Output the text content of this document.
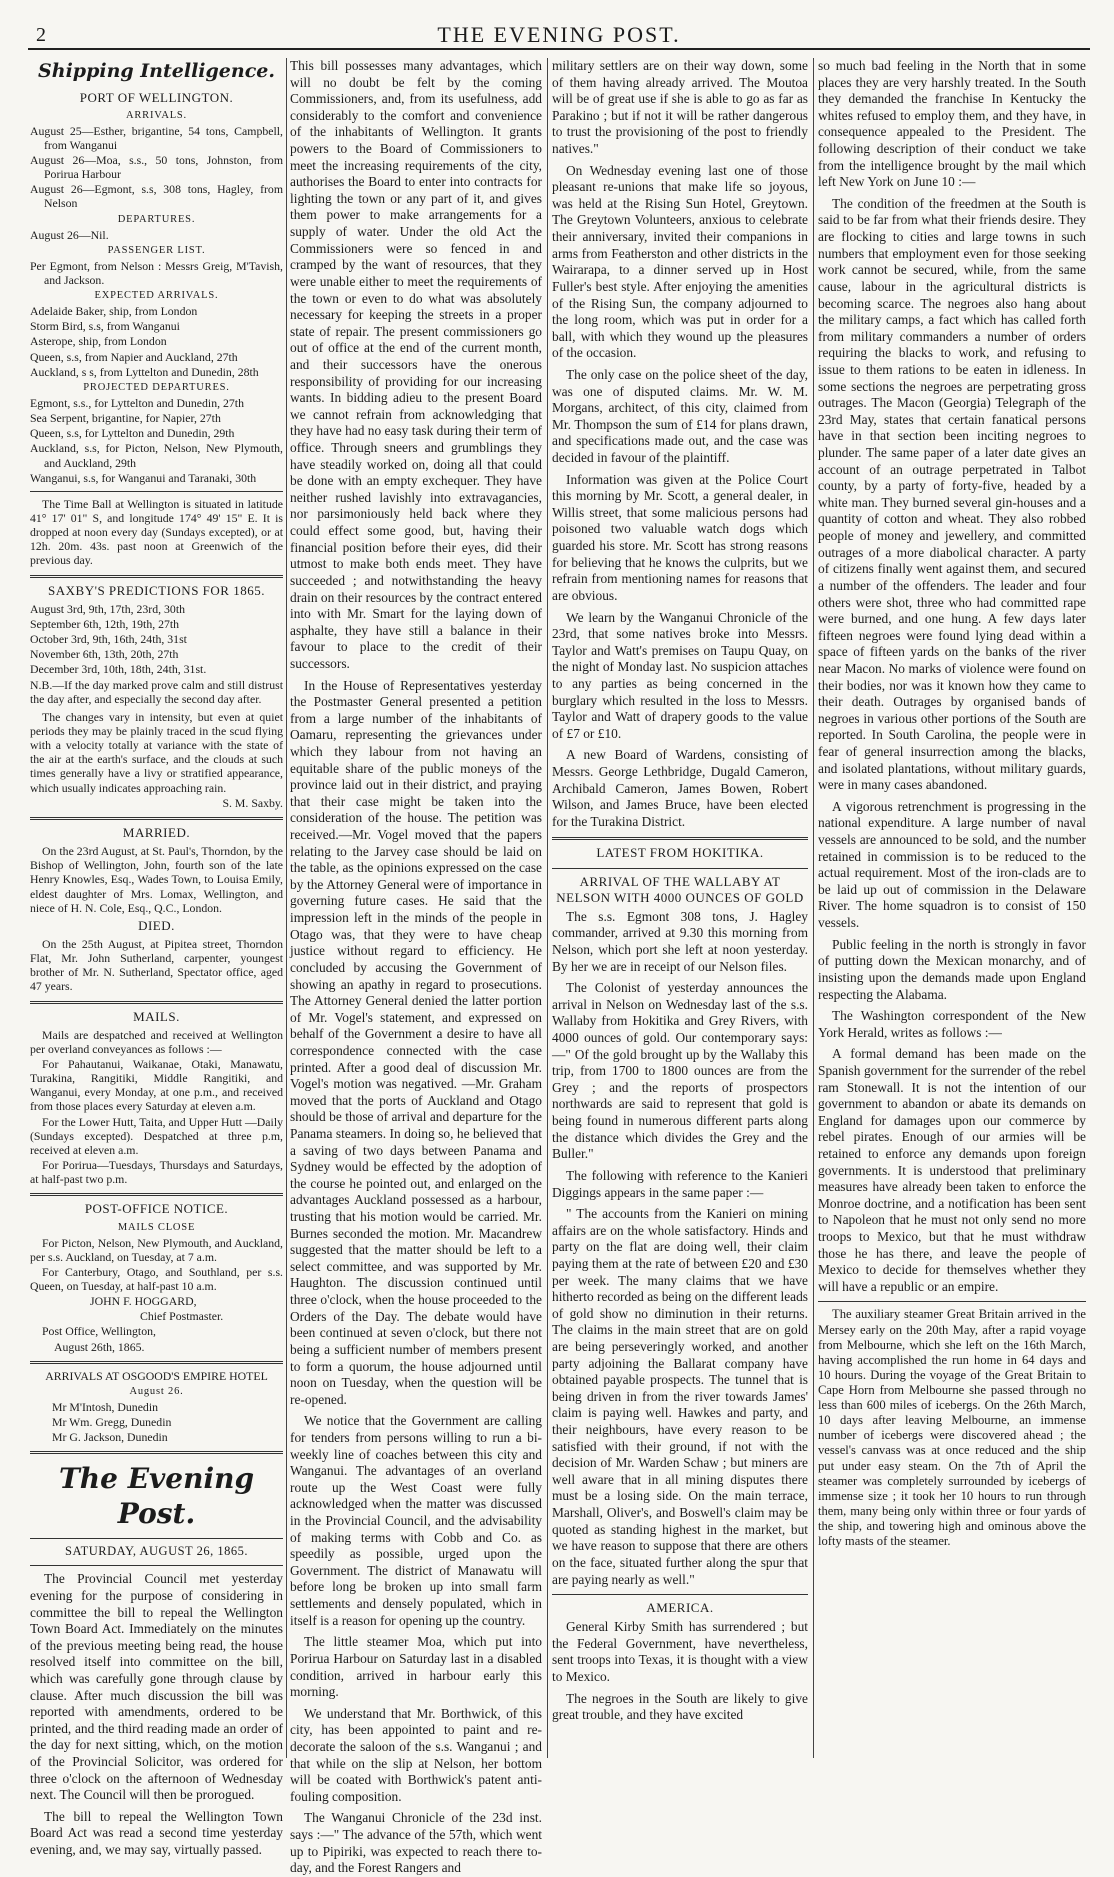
2	THE EVENING POST.

Shipping Intelligence.

PORT OF WELLINGTON.

ARRIVALS.

August 25—Esther, brigantine, 54 tons, Campbell, from Wanganui

August 26—Moa, s.s., 50 tons, Johnston, from Porirua Harbour

August 26—Egmont, s.s, 308 tons, Hagley, from Nelson

DEPARTURES.

August 26—Nil.

PASSENGER LIST.

Per Egmont, from Nelson : Messrs Greig, M'Tavish, and Jackson.

EXPECTED ARRIVALS.

Adelaide Baker, ship, from London

Storm Bird, s.s, from Wanganui

Asterope, ship, from London

Queen, s.s, from Napier and Auckland, 27th

Auckland, s s, from Lyttelton and Dunedin, 28th

PROJECTED DEPARTURES.

Egmont, s.s., for Lyttelton and Dunedin, 27th

Sea Serpent, brigantine, for Napier, 27th

Queen, s.s, for Lyttelton and Dunedin, 29th

Auckland, s.s, for Picton, Nelson, New Plymouth, and Auckland, 29th

Wanganui, s.s, for Wanganui and Taranaki, 30th

The Time Ball at Wellington is situated in latitude 41° 17' 01" S, and longitude 174° 49' 15" E. It is dropped at noon every day (Sundays excepted), or at 12h. 20m. 43s. past noon at Greenwich of the previous day.

SAXBY'S PREDICTIONS FOR 1865.

August 3rd, 9th, 17th, 23rd, 30th

September 6th, 12th, 19th, 27th

October 3rd, 9th, 16th, 24th, 31st

November 6th, 13th, 20th, 27th

December 3rd, 10th, 18th, 24th, 31st.

N.B.—If the day marked prove calm and still distrust the day after, and especially the second day after.

The changes vary in intensity, but even at quiet periods they may be plainly traced in the scud flying with a velocity totally at variance with the state of the air at the earth's surface, and the clouds at such times generally have a livy or stratified appearance, which usually indicates approaching rain.

S. M. Saxby.

MARRIED.

On the 23rd August, at St. Paul's, Thorndon, by the Bishop of Wellington, John, fourth son of the late Henry Knowles, Esq., Wades Town, to Louisa Emily, eldest daughter of Mrs. Lomax, Wellington, and niece of H. N. Cole, Esq., Q.C., London.

DIED.

On the 25th August, at Pipitea street, Thorndon Flat, Mr. John Sutherland, carpenter, youngest brother of Mr. N. Sutherland, Spectator office, aged 47 years.

MAILS.

Mails are despatched and received at Wellington per overland conveyances as follows :—

For Pahautanui, Waikanae, Otaki, Manawatu, Turakina, Rangitiki, Middle Rangitiki, and Wanganui, every Monday, at one p.m., and received from those places every Saturday at eleven a.m.

For the Lower Hutt, Taita, and Upper Hutt —Daily (Sundays excepted). Despatched at three p.m, received at eleven a.m.

For Porirua—Tuesdays, Thursdays and Saturdays, at half-past two p.m.

POST-OFFICE NOTICE.

MAILS CLOSE

For Picton, Nelson, New Plymouth, and Auckland, per s.s. Auckland, on Tuesday, at 7 a.m.

For Canterbury, Otago, and Southland, per s.s. Queen, on Tuesday, at half-past 10 a.m.

JOHN F. HOGGARD,

Chief Postmaster.

Post Office, Wellington,

August 26th, 1865.

ARRIVALS AT OSGOOD'S EMPIRE HOTEL

August 26.

Mr M'Intosh, Dunedin

Mr Wm. Gregg, Dunedin

Mr G. Jackson, Dunedin

The Evening Post.

SATURDAY, AUGUST 26, 1865.

The Provincial Council met yesterday evening for the purpose of considering in committee the bill to repeal the Wellington Town Board Act. Immediately on the minutes of the previous meeting being read, the house resolved itself into committee on the bill, which was carefully gone through clause by clause. After much discussion the bill was reported with amendments, ordered to be printed, and the third reading made an order of the day for next sitting, which, on the motion of the Provincial Solicitor, was ordered for three o'clock on the afternoon of Wednesday next. The Council will then be prorogued.

The bill to repeal the Wellington Town Board Act was read a second time yesterday evening, and, we may say, virtually passed.

This bill possesses many advantages, which will no doubt be felt by the coming Commissioners, and, from its usefulness, add considerably to the comfort and convenience of the inhabitants of Wellington. It grants powers to the Board of Commissioners to meet the increasing requirements of the city, authorises the Board to enter into contracts for lighting the town or any part of it, and gives them power to make arrangements for a supply of water. Under the old Act the Commissioners were so fenced in and cramped by the want of resources, that they were unable either to meet the requirements of the town or even to do what was absolutely necessary for keeping the streets in a proper state of repair. The present commissioners go out of office at the end of the current month, and their successors have the onerous responsibility of providing for our increasing wants. In bidding adieu to the present Board we cannot refrain from acknowledging that they have had no easy task during their term of office. Through sneers and grumblings they have steadily worked on, doing all that could be done with an empty exchequer. They have neither rushed lavishly into extravagancies, nor parsimoniously held back where they could effect some good, but, having their financial position before their eyes, did their utmost to make both ends meet. They have succeeded ; and notwithstanding the heavy drain on their resources by the contract entered into with Mr. Smart for the laying down of asphalte, they have still a balance in their favour to place to the credit of their successors.

In the House of Representatives yesterday the Postmaster General presented a petition from a large number of the inhabitants of Oamaru, representing the grievances under which they labour from not having an equitable share of the public moneys of the province laid out in their district, and praying that their case might be taken into the consideration of the house. The petition was received.—Mr. Vogel moved that the papers relating to the Jarvey case should be laid on the table, as the opinions expressed on the case by the Attorney General were of importance in governing future cases. He said that the impression left in the minds of the people in Otago was, that they were to have cheap justice without regard to efficiency. He concluded by accusing the Government of showing an apathy in regard to prosecutions. The Attorney General denied the latter portion of Mr. Vogel's statement, and expressed on behalf of the Government a desire to have all correspondence connected with the case printed. After a good deal of discussion Mr. Vogel's motion was negatived. —Mr. Graham moved that the ports of Auckland and Otago should be those of arrival and departure for the Panama steamers. In doing so, he believed that a saving of two days between Panama and Sydney would be effected by the adoption of the course he pointed out, and enlarged on the advantages Auckland possessed as a harbour, trusting that his motion would be carried. Mr. Burnes seconded the motion. Mr. Macandrew suggested that the matter should be left to a select committee, and was supported by Mr. Haughton. The discussion continued until three o'clock, when the house proceeded to the Orders of the Day. The debate would have been continued at seven o'clock, but there not being a sufficient number of members present to form a quorum, the house adjourned until noon on Tuesday, when the question will be re-opened.

We notice that the Government are calling for tenders from persons willing to run a bi-weekly line of coaches between this city and Wanganui. The advantages of an overland route up the West Coast were fully acknowledged when the matter was discussed in the Provincial Council, and the advisability of making terms with Cobb and Co. as speedily as possible, urged upon the Government. The district of Manawatu will before long be broken up into small farm settlements and densely populated, which in itself is a reason for opening up the country.

The little steamer Moa, which put into Porirua Harbour on Saturday last in a disabled condition, arrived in harbour early this morning.

We understand that Mr. Borthwick, of this city, has been appointed to paint and re-decorate the saloon of the s.s. Wanganui ; and that while on the slip at Nelson, her bottom will be coated with Borthwick's patent anti-fouling composition.

The Wanganui Chronicle of the 23d inst. says :—" The advance of the 57th, which went up to Pipiriki, was expected to reach there to-day, and the Forest Rangers and

military settlers are on their way down, some of them having already arrived. The Moutoa will be of great use if she is able to go as far as Parakino ; but if not it will be rather dangerous to trust the provisioning of the post to friendly natives."

On Wednesday evening last one of those pleasant re-unions that make life so joyous, was held at the Rising Sun Hotel, Greytown. The Greytown Volunteers, anxious to celebrate their anniversary, invited their companions in arms from Featherston and other districts in the Wairarapa, to a dinner served up in Host Fuller's best style. After enjoying the amenities of the Rising Sun, the company adjourned to the long room, which was put in order for a ball, with which they wound up the pleasures of the occasion.

The only case on the police sheet of the day, was one of disputed claims. Mr. W. M. Morgans, architect, of this city, claimed from Mr. Thompson the sum of £14 for plans drawn, and specifications made out, and the case was decided in favour of the plaintiff.

Information was given at the Police Court this morning by Mr. Scott, a general dealer, in Willis street, that some malicious persons had poisoned two valuable watch dogs which guarded his store. Mr. Scott has strong reasons for believing that he knows the culprits, but we refrain from mentioning names for reasons that are obvious.

We learn by the Wanganui Chronicle of the 23rd, that some natives broke into Messrs. Taylor and Watt's premises on Taupu Quay, on the night of Monday last. No suspicion attaches to any parties as being concerned in the burglary which resulted in the loss to Messrs. Taylor and Watt of drapery goods to the value of £7 or £10.

A new Board of Wardens, consisting of Messrs. George Lethbridge, Dugald Cameron, Archibald Cameron, James Bowen, Robert Wilson, and James Bruce, have been elected for the Turakina District.

LATEST FROM HOKITIKA.

ARRIVAL OF THE WALLABY AT NELSON WITH 4000 OUNCES OF GOLD

The s.s. Egmont 308 tons, J. Hagley commander, arrived at 9.30 this morning from Nelson, which port she left at noon yesterday. By her we are in receipt of our Nelson files.

The Colonist of yesterday announces the arrival in Nelson on Wednesday last of the s.s. Wallaby from Hokitika and Grey Rivers, with 4000 ounces of gold. Our contemporary says:—" Of the gold brought up by the Wallaby this trip, from 1700 to 1800 ounces are from the Grey ; and the reports of prospectors northwards are said to represent that gold is being found in numerous different parts along the distance which divides the Grey and the Buller."

The following with reference to the Kanieri Diggings appears in the same paper :—

" The accounts from the Kanieri on mining affairs are on the whole satisfactory. Hinds and party on the flat are doing well, their claim paying them at the rate of between £20 and £30 per week. The many claims that we have hitherto recorded as being on the different leads of gold show no diminution in their returns. The claims in the main street that are on gold are being perseveringly worked, and another party adjoining the Ballarat company have obtained payable prospects. The tunnel that is being driven in from the river towards James' claim is paying well. Hawkes and party, and their neighbours, have every reason to be satisfied with their ground, if not with the decision of Mr. Warden Schaw ; but miners are well aware that in all mining disputes there must be a losing side. On the main terrace, Marshall, Oliver's, and Boswell's claim may be quoted as standing highest in the market, but we have reason to suppose that there are others on the face, situated further along the spur that are paying nearly as well."

AMERICA.

General Kirby Smith has surrendered ; but the Federal Government, have nevertheless, sent troops into Texas, it is thought with a view to Mexico.

The negroes in the South are likely to give great trouble, and they have excited

so much bad feeling in the North that in some places they are very harshly treated. In the South they demanded the franchise In Kentucky the whites refused to employ them, and they have, in consequence appealed to the President. The following description of their conduct we take from the intelligence brought by the mail which left New York on June 10 :—

The condition of the freedmen at the South is said to be far from what their friends desire. They are flocking to cities and large towns in such numbers that employment even for those seeking work cannot be secured, while, from the same cause, labour in the agricultural districts is becoming scarce. The negroes also hang about the military camps, a fact which has called forth from military commanders a number of orders requiring the blacks to work, and refusing to issue to them rations to be eaten in idleness. In some sections the negroes are perpetrating gross outrages. The Macon (Georgia) Telegraph of the 23rd May, states that certain fanatical persons have in that section been inciting negroes to plunder. The same paper of a later date gives an account of an outrage perpetrated in Talbot county, by a party of forty-five, headed by a white man. They burned several gin-houses and a quantity of cotton and wheat. They also robbed people of money and jewellery, and committed outrages of a more diabolical character. A party of citizens finally went against them, and secured a number of the offenders. The leader and four others were shot, three who had committed rape were burned, and one hung. A few days later fifteen negroes were found lying dead within a space of fifteen yards on the banks of the river near Macon. No marks of violence were found on their bodies, nor was it known how they came to their death. Outrages by organised bands of negroes in various other portions of the South are reported. In South Carolina, the people were in fear of general insurrection among the blacks, and isolated plantations, without military guards, were in many cases abandoned.

A vigorous retrenchment is progressing in the national expenditure. A large number of naval vessels are announced to be sold, and the number retained in commission is to be reduced to the actual requirement. Most of the iron-clads are to be laid up out of commission in the Delaware River. The home squadron is to consist of 150 vessels.

Public feeling in the north is strongly in favor of putting down the Mexican monarchy, and of insisting upon the demands made upon England respecting the Alabama.

The Washington correspondent of the New York Herald, writes as follows :—

A formal demand has been made on the Spanish government for the surrender of the rebel ram Stonewall. It is not the intention of our government to abandon or abate its demands on England for damages upon our commerce by rebel pirates. Enough of our armies will be retained to enforce any demands upon foreign governments. It is understood that preliminary measures have already been taken to enforce the Monroe doctrine, and a notification has been sent to Napoleon that he must not only send no more troops to Mexico, but that he must withdraw those he has there, and leave the people of Mexico to decide for themselves whether they will have a republic or an empire.

The auxiliary steamer Great Britain arrived in the Mersey early on the 20th May, after a rapid voyage from Melbourne, which she left on the 16th March, having accomplished the run home in 64 days and 10 hours. During the voyage of the Great Britain to Cape Horn from Melbourne she passed through no less than 600 miles of icebergs. On the 26th March, 10 days after leaving Melbourne, an immense number of icebergs were discovered ahead ; the vessel's canvass was at once reduced and the ship put under easy steam. On the 7th of April the steamer was completely surrounded by icebergs of immense size ; it took her 10 hours to run through them, many being only within three or four yards of the ship, and towering high and ominous above the lofty masts of the steamer.
